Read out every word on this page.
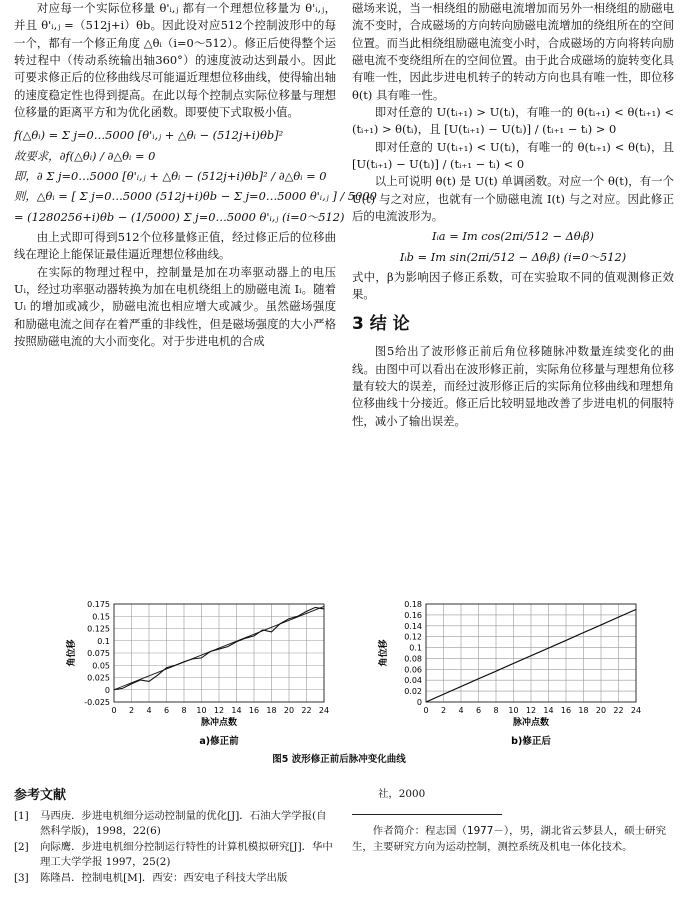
对应每一个实际位移量 θ'ᵢ,ⱼ 都有一个理想位移量为 θ'ᵢ,ⱼ，并且 θ'ᵢ,ⱼ =（512j+i）θb。因此设对应512个控制波形中的每一个，都有一个修正角度 △θᵢ（i=0～512）。修正后使得整个运转过程中（传动系统输出轴360°）的速度波动达到最小。因此可要求修正后的位移曲线尽可能逼近理想位移曲线，使得输出轴的速度稳定性也得到提高。在此以每个控制点实际位移量与理想位移量的距离平方和为优化函数。即要使下式取极小值。

f(△θᵢ) = Σ j=0…5000 [θ'ᵢ,ⱼ + △θᵢ − (512j+i)θb]²
故要求，∂f(△θᵢ) / ∂△θᵢ = 0
即，∂ Σ j=0…5000 [θ'ᵢ,ⱼ + △θᵢ − (512j+i)θb]² / ∂△θᵢ = 0
则，△θᵢ = [ Σ j=0…5000 (512j+i)θb − Σ j=0…5000 θ'ᵢ,ⱼ ] / 5000
= (1280256+i)θb − (1/5000) Σ j=0…5000 θ'ᵢ,ⱼ (i=0～512)

由上式即可得到512个位移量修正值，经过修正后的位移曲线在理论上能保证最佳逼近理想位移曲线。

在实际的物理过程中，控制量是加在功率驱动器上的电压 Uᵢ，经过功率驱动器转换为加在电机绕组上的励磁电流 Iᵢ。随着 Uᵢ 的增加或减少，励磁电流也相应增大或减少。虽然磁场强度和励磁电流之间存在着严重的非线性，但是磁场强度的大小严格按照励磁电流的大小而变化。对于步进电机的合成

磁场来说，当一相绕组的励磁电流增加而另外一相绕组的励磁电流不变时，合成磁场的方向转向励磁电流增加的绕组所在的空间位置。而当此相绕组励磁电流变小时，合成磁场的方向将转向励磁电流不变绕组所在的空间位置。由于此合成磁场的旋转变化具有唯一性，因此步进电机转子的转动方向也具有唯一性，即位移 θ(t) 具有唯一性。

即对任意的 U(tᵢ₊₁) > U(tᵢ)，有唯一的 θ(tᵢ₊₁) < θ(tᵢ₊₁) < (tᵢ₊₁) > θ(tᵢ)，且 [U(tᵢ₊₁) − U(tᵢ)] / (tᵢ₊₁ − tᵢ) > 0

即对任意的 U(tᵢ₊₁) < U(tᵢ)，有唯一的 θ(tᵢ₊₁) < θ(tᵢ)，且 [U(tᵢ₊₁) − U(tᵢ)] / (tᵢ₊₁ − tᵢ) < 0

以上可说明 θ(t) 是 U(t) 单调函数。对应一个 θ(t)，有一个 U(t) 与之对应，也就有一个励磁电流 I(t) 与之对应。因此修正后的电流波形为。

Iᵢa = Im cos(2πi/512 − Δθᵢβ)
Iᵢb = Im sin(2πi/512 − Δθᵢβ) (i=0～512)

式中，β为影响因子修正系数，可在实验取不同的值观测修正效果。

3 结 论

图5给出了波形修正前后角位移随脉冲数量连续变化的曲线。由图中可以看出在波形修正前，实际角位移量与理想角位移量有较大的误差，而经过波形修正后的实际角位移曲线和理想角位移曲线十分接近。修正后比较明显地改善了步进电机的伺服特性，减小了输出误差。

-0.025
0
0.025
0.05
0.075
0.1
0.125
0.15
0.175
0 2 4 6 8 10 12 14 16 18 20 22 24
脉冲点数
角位移
a)修正前
0
0.02
0.04
0.06
0.08
0.1
0.12
0.14
0.16
0.18
0 2 4 6 8 10 12 14 16 18 20 22 24
脉冲点数
角位移
b)修正后
图5 波形修正前后脉冲变化曲线
参考文献
[1]	马西庚．步进电机细分运动控制量的优化[J]．石油大学学报(自然科学版)，1998，22(6)
[2]	向际鹰．步进电机细分控制运行特性的计算机模拟研究[J]．华中理工大学学报 1997，25(2)
[3]	陈隆昌．控制电机[M]．西安：西安电子科技大学出版
社，2000
作者简介：程志国（1977－），男，湖北省云梦县人，硕士研究生，主要研究方向为运动控制，测控系统及机电一体化技术。
